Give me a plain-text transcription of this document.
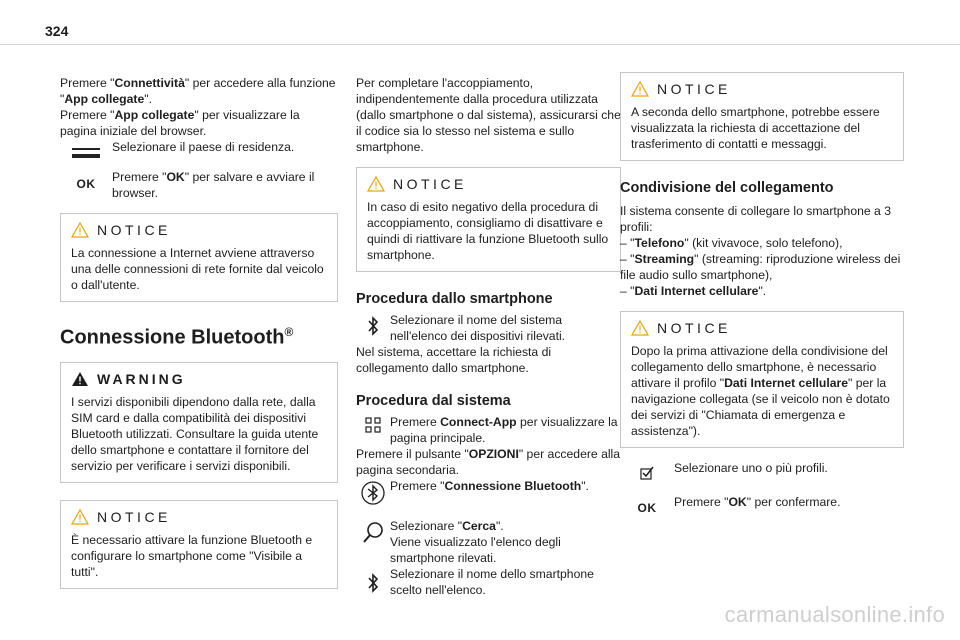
324

Premere "Connettività" per accedere alla funzione "App collegate".

Premere "App collegate" per visualizzare la pagina iniziale del browser.

Selezionare il paese di residenza.

OK Premere "OK" per salvare e avviare il browser.

NOTICE

La connessione a Internet avviene attraverso una delle connessioni di rete fornite dal veicolo o dall'utente.

Connessione Bluetooth®
WARNING

I servizi disponibili dipendono dalla rete, dalla SIM card e dalla compatibilità dei dispositivi Bluetooth utilizzati. Consultare la guida utente dello smartphone e contattare il fornitore del servizio per verificare i servizi disponibili.

NOTICE

È necessario attivare la funzione Bluetooth e configurare lo smartphone come "Visibile a tutti".

Per completare l'accoppiamento, indipendentemente dalla procedura utilizzata (dallo smartphone o dal sistema), assicurarsi che il codice sia lo stesso nel sistema e sullo smartphone.

NOTICE

In caso di esito negativo della procedura di accoppiamento, consigliamo di disattivare e quindi di riattivare la funzione Bluetooth sullo smartphone.

Procedura dallo smartphone

Selezionare il nome del sistema nell'elenco dei dispositivi rilevati.

Nel sistema, accettare la richiesta di collegamento dallo smartphone.

Procedura dal sistema

Premere Connect-App per visualizzare la pagina principale.

Premere il pulsante "OPZIONI" per accedere alla pagina secondaria.

Premere "Connessione Bluetooth".

Selezionare "Cerca".
Viene visualizzato l'elenco degli smartphone rilevati.

Selezionare il nome dello smartphone scelto nell'elenco.

NOTICE

A seconda dello smartphone, potrebbe essere visualizzata la richiesta di accettazione del trasferimento di contatti e messaggi.

Condivisione del collegamento

Il sistema consente di collegare lo smartphone a 3 profili:

– "Telefono" (kit vivavoce, solo telefono),

– "Streaming" (streaming: riproduzione wireless dei file audio sullo smartphone),

– "Dati Internet cellulare".

NOTICE

Dopo la prima attivazione della condivisione del collegamento dello smartphone, è necessario attivare il profilo "Dati Internet cellulare" per la navigazione collegata (se il veicolo non è dotato dei servizi di "Chiamata di emergenza e assistenza").

Selezionare uno o più profili.

OK Premere "OK" per confermare.

carmanualsonline.info
